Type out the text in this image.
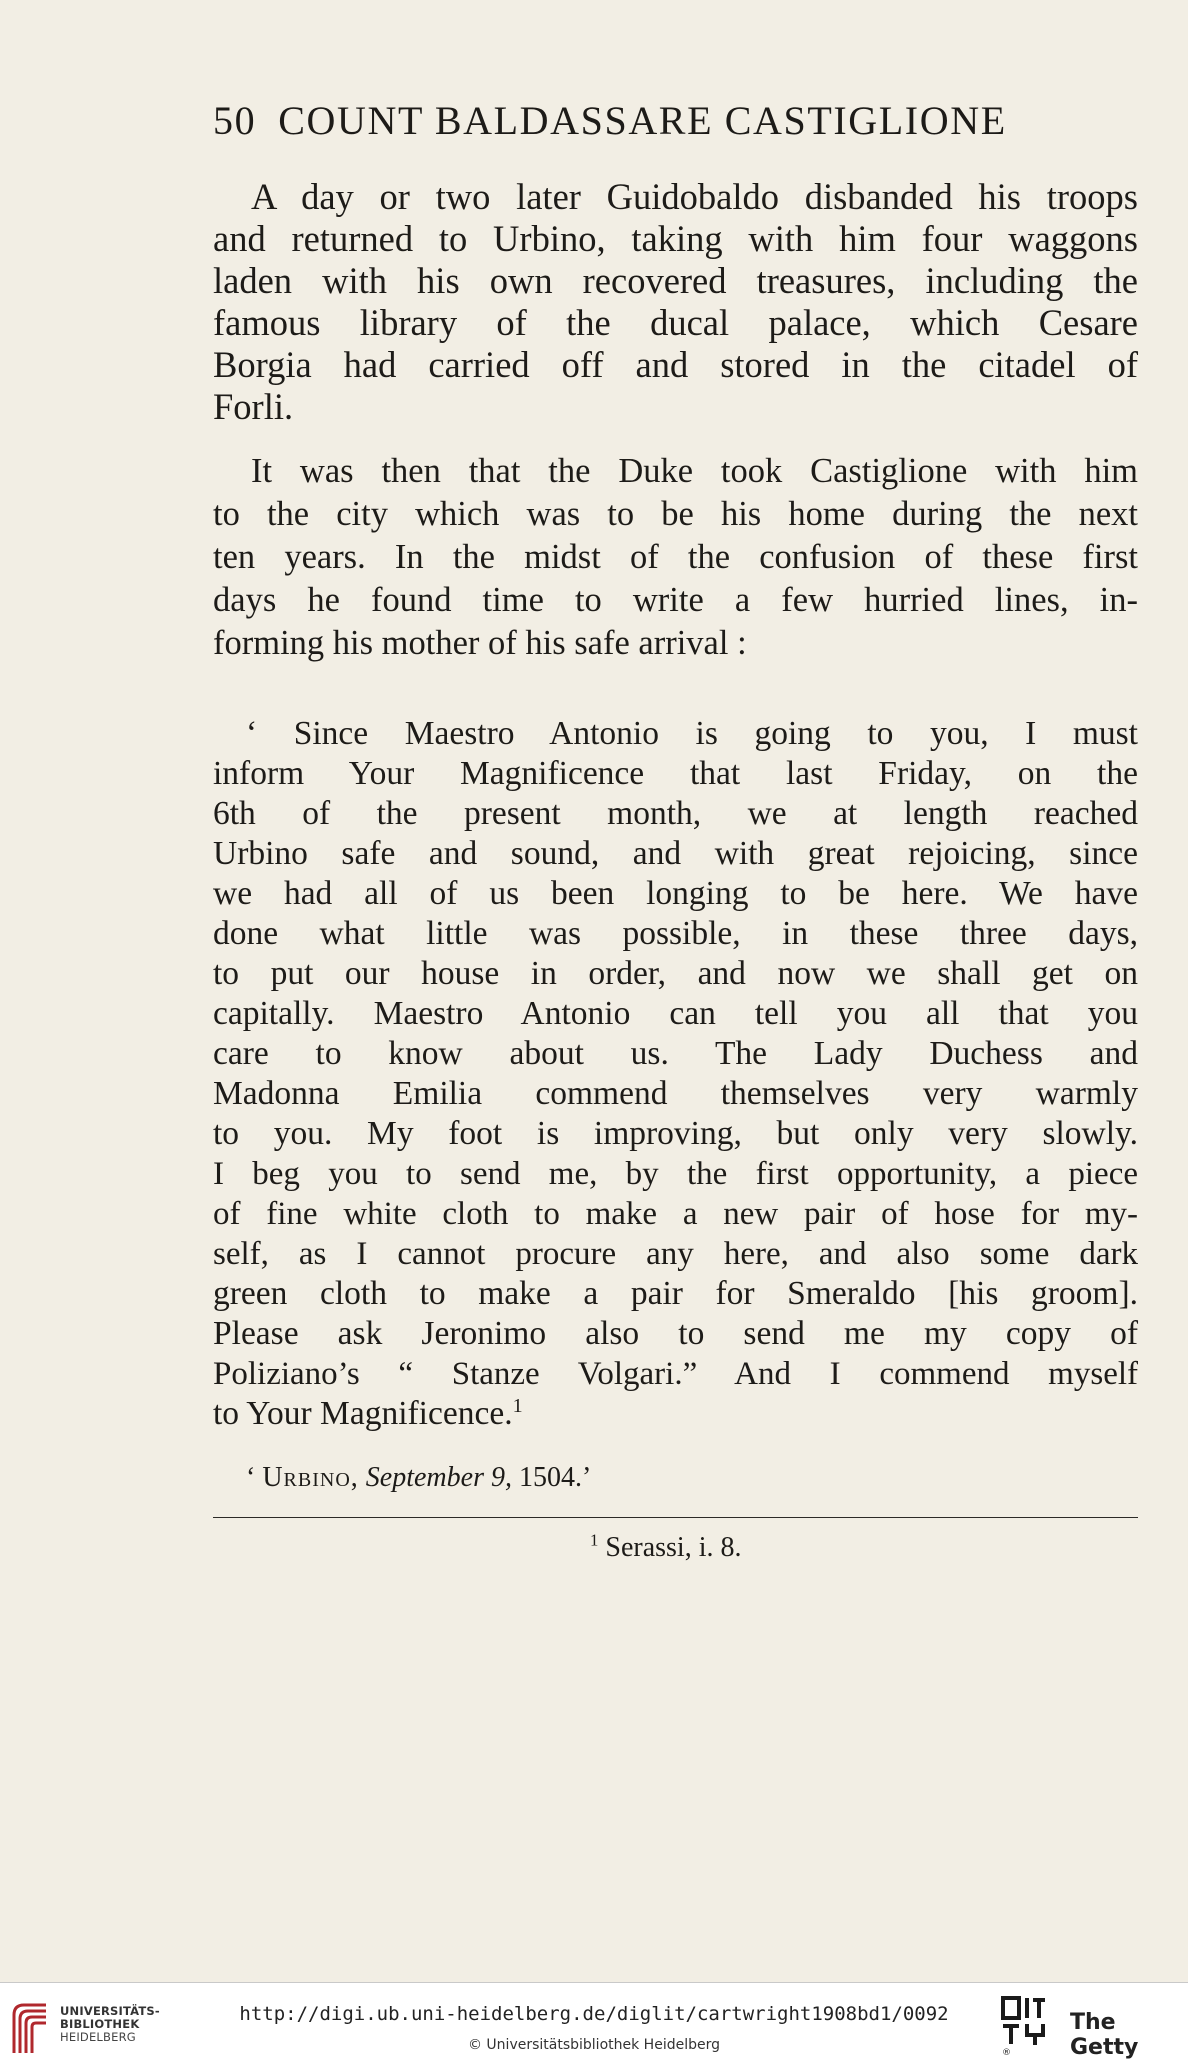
50 COUNT BALDASSARE CASTIGLIONE
A day or two later Guidobaldo disbanded his troops
and returned to Urbino, taking with him four waggons
laden with his own recovered treasures, including the
famous library of the ducal palace, which Cesare
Borgia had carried off and stored in the citadel of
Forli.
It was then that the Duke took Castiglione with him
to the city which was to be his home during the next
ten years. In the midst of the confusion of these first
days he found time to write a few hurried lines, in-
forming his mother of his safe arrival :
‘ Since Maestro Antonio is going to you, I must
inform Your Magnificence that last Friday, on the
6th of the present month, we at length reached
Urbino safe and sound, and with great rejoicing, since
we had all of us been longing to be here. We have
done what little was possible, in these three days,
to put our house in order, and now we shall get on
capitally. Maestro Antonio can tell you all that you
care to know about us. The Lady Duchess and
Madonna Emilia commend themselves very warmly
to you. My foot is improving, but only very slowly.
I beg you to send me, by the first opportunity, a piece
of fine white cloth to make a new pair of hose for my-
self, as I cannot procure any here, and also some dark
green cloth to make a pair for Smeraldo [his groom].
Please ask Jeronimo also to send me my copy of
Poliziano’s “ Stanze Volgari.” And I commend myself
to Your Magnificence.$^1$
‘ Urbino, September 9, 1504.’
$^1$ Serassi, i. 8.
UNIVERSITÄTS-
BIBLIOTHEK
HEIDELBERG
http://digi.ub.uni-heidelberg.de/diglit/cartwright1908bd1/0092
© Universitätsbibliothek Heidelberg	®
The Getty
